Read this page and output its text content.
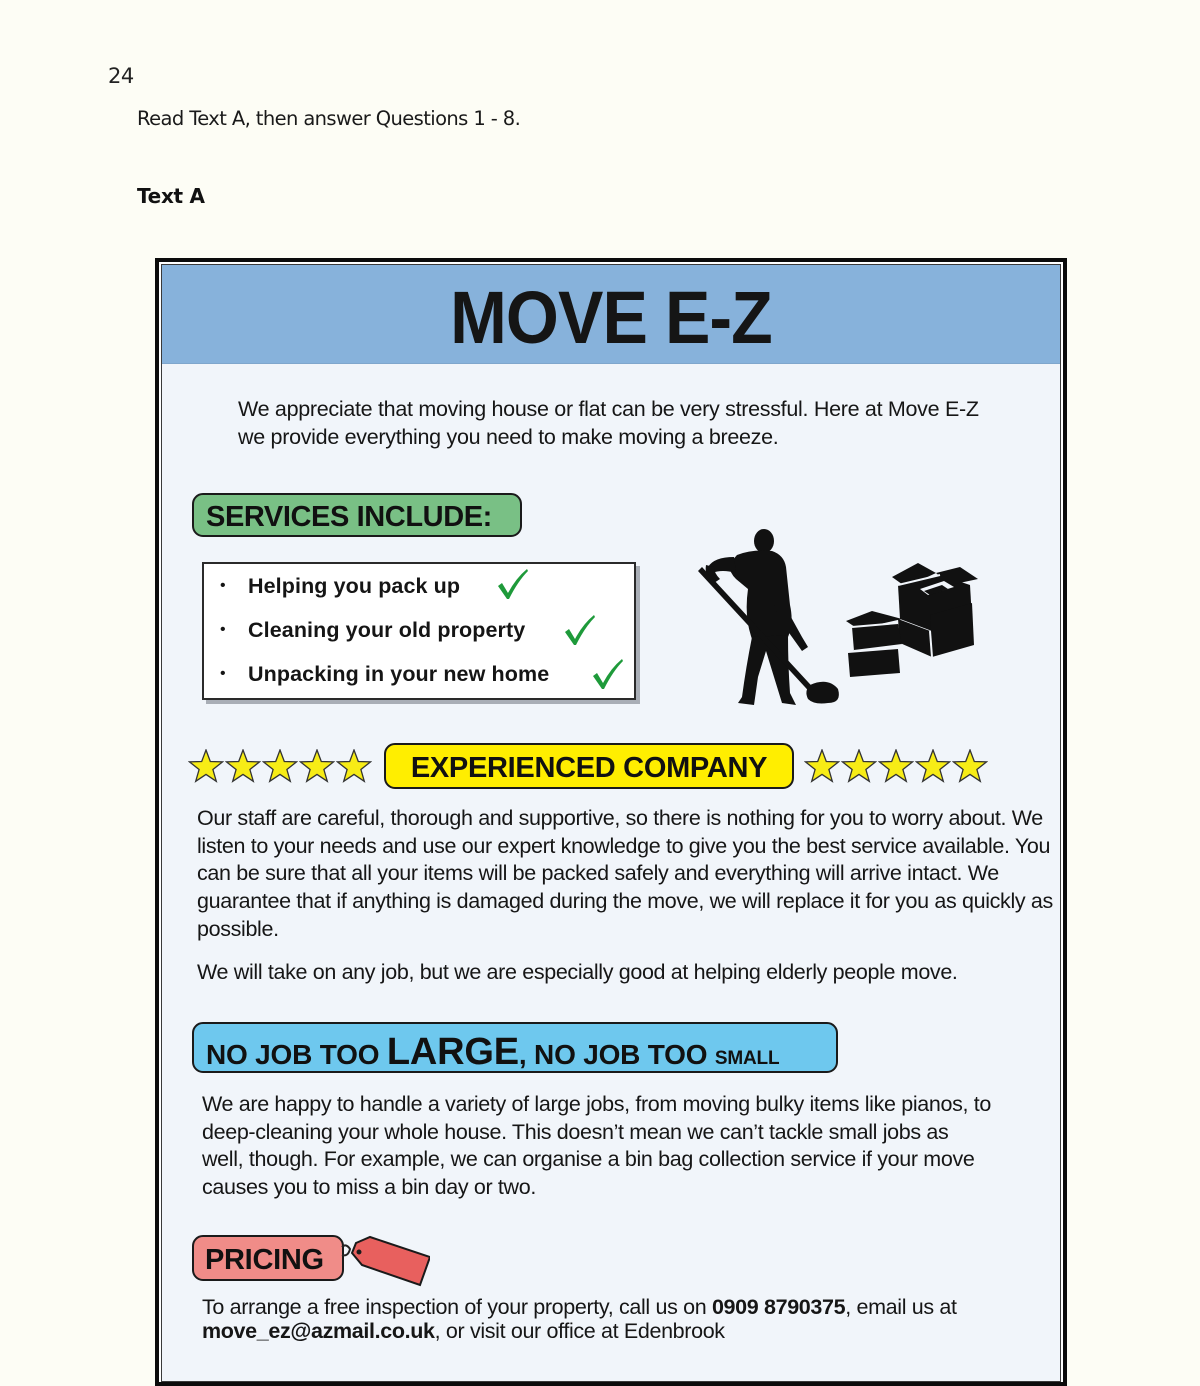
24
Read Text A, then answer Questions 1 - 8.
Text A
MOVE E-Z
We appreciate that moving house or flat can be very stressful. Here at Move E-Z we provide everything you need to make moving a breeze.
SERVICES INCLUDE:
• Helping you pack up
• Cleaning your old property
• Unpacking in your new home
EXPERIENCED COMPANY
Our staff are careful, thorough and supportive, so there is nothing for you to worry about. We listen to your needs and use our expert knowledge to give you the best service available. You can be sure that all your items will be packed safely and everything will arrive intact. We guarantee that if anything is damaged during the move, we will replace it for you as quickly as possible.
We will take on any job, but we are especially good at helping elderly people move.
NO JOB TOO LARGE, NO JOB TOO SMALL
We are happy to handle a variety of large jobs, from moving bulky items like pianos, to deep-cleaning your whole house. This doesn’t mean we can’t tackle small jobs as well, though. For example, we can organise a bin bag collection service if your move causes you to miss a bin day or two.
PRICING
To arrange a free inspection of your property, call us on 0909 8790375, email us at move_ez@azmail.co.uk, or visit our office at Edenbrook
